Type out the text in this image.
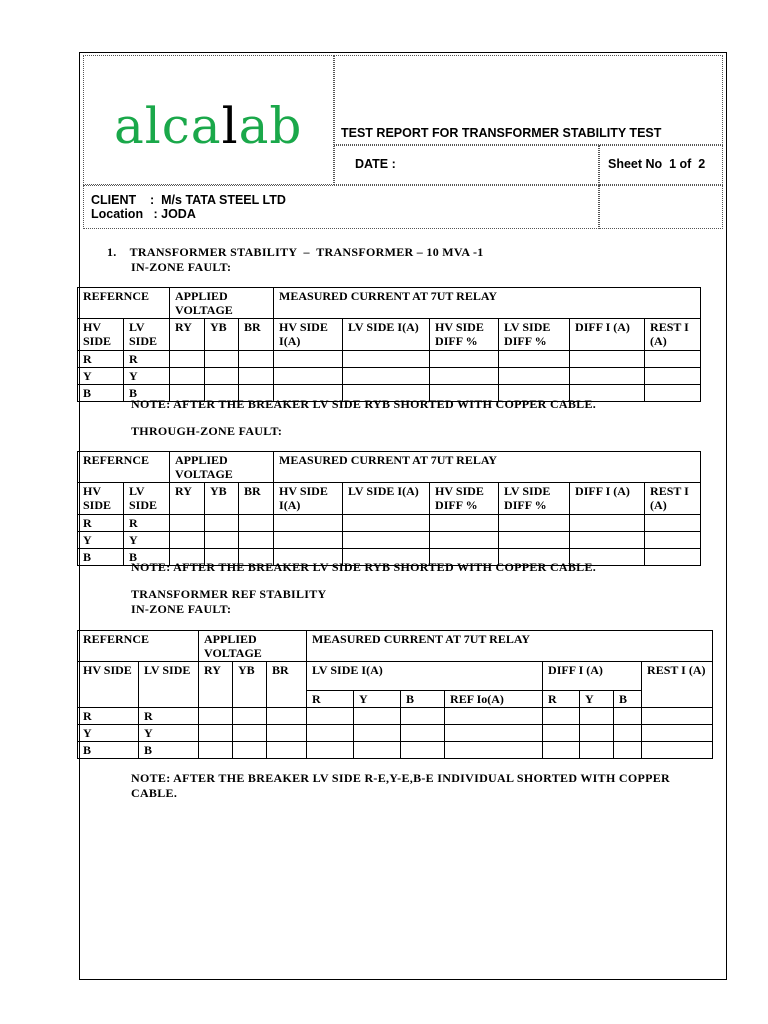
alcalab	TEST REPORT FOR TRANSFORMER STABILITY TEST
DATE :	Sheet No  1 of  2
CLIENT    :  M/s TATA STEEL LTD
Location   : JODA
1.    TRANSFORMER STABILITY  –  TRANSFORMER – 10 MVA -1
IN-ZONE FAULT:
REFERNCE		APPLIED VOLTAGE			MEASURED CURRENT AT 7UT RELAY					
HV SIDE	LV SIDE	RY	YB	BR	HV SIDE I(A)	LV SIDE I(A)	HV SIDE DIFF %	LV SIDE DIFF %	DIFF I (A)	REST I (A)
R	R									
Y	Y									
B	B									
NOTE: AFTER THE BREAKER LV SIDE RYB SHORTED WITH COPPER CABLE.
THROUGH-ZONE FAULT:
REFERNCE		APPLIED VOLTAGE			MEASURED CURRENT AT 7UT RELAY					
HV SIDE	LV SIDE	RY	YB	BR	HV SIDE I(A)	LV SIDE I(A)	HV SIDE DIFF %	LV SIDE DIFF %	DIFF I (A)	REST I (A)
R	R									
Y	Y									
B	B									
NOTE: AFTER THE BREAKER LV SIDE RYB SHORTED WITH COPPER CABLE.
TRANSFORMER REF STABILITY
IN-ZONE FAULT:
REFERNCE		APPLIED VOLTAGE			MEASURED CURRENT AT 7UT RELAY							
HV SIDE	LV SIDE	RY	YB	BR	LV SIDE I(A)				DIFF I (A)			REST I (A)
					R	Y	B	REF Io(A)	R	Y	B	
R	R											
Y	Y											
B	B											
NOTE: AFTER THE BREAKER LV SIDE R-E,Y-E,B-E INDIVIDUAL SHORTED WITH COPPER CABLE.
